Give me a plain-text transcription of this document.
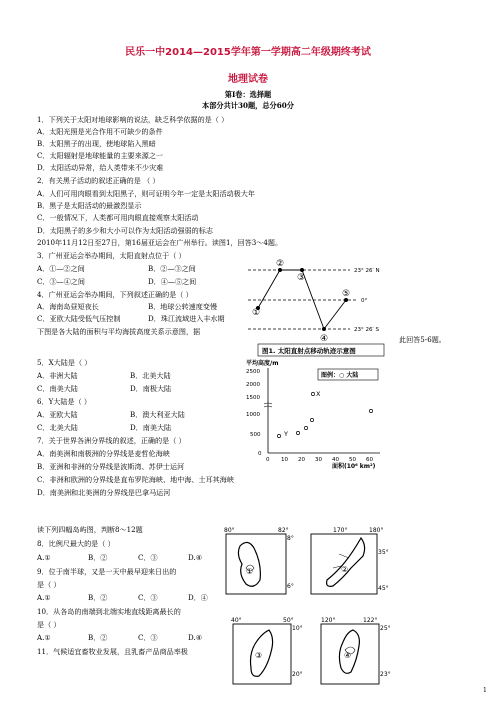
民乐一中2014—2015学年第一学期高二年级期终考试
地理试卷
第Ⅰ卷：选择题
本部分共计30题，总分60分
1．下列关于太阳对地球影响的说法，缺乏科学依据的是（ ）
A．太阳光照是光合作用不可缺少的条件
B．太阳黑子的出现，使地球陷入黑暗
C．太阳辐射是地球能量的主要来源之一
D．太阳活动异常，给人类带来不少灾难
2．有关黑子活动的叙述正确的是 （ ）
A．人们可用肉眼看到太阳黑子，则可证明今年一定是太阳活动极大年
B．黑子是太阳活动的最激烈显示
C．一般情况下，人类都可用肉眼直接观察太阳活动
D．太阳黑子的多少和大小可以作为太阳活动强弱的标志
2010年11月12日至27日，第16届亚运会在广州举行。读图1，回答3～4题。
3．广州亚运会举办期间，太阳直射点位于（ ）
A．①—②之间	B．②—③之间
C．③—④之间	D．④—⑤之间
4．广州亚运会举办期间，下列叙述正确的是（ ）
A．海南岛昼短夜长	B．地球公转速度变慢
C．亚欧大陆受低气压控制	D．珠江流域进入丰水期
下图是各大陆的面积与平均海拔高度关系示意图，据
此回答5-6题。
5．X大陆是（ ）
A．非洲大陆	B．北美大陆
C．南美大陆	D．南极大陆
6．Y大陆是（ ）
A．亚欧大陆	B．澳大利亚大陆
C．北美大陆	D．南美大陆
7．关于世界各洲分界线的叙述，正确的是（ ）
A．南美洲和南极洲的分界线是麦哲伦海峡
B．亚洲和非洲的分界线是波斯湾、苏伊士运河
C．非洲和欧洲的分界线是直布罗陀海峡、地中海、土耳其海峡
D．南美洲和北美洲的分界线是巴拿马运河
读下列四幅岛屿图，判断8～12题
8．比例尺最大的是（ ）
A.①	B．②	C．③	D.④
9．位于南半球，又是一天中最早迎来日出的
是（ ）
A.①	B．②	C．③	D．④
10．从各岛的南端到北端实地直线距离最长的
是（ ）
A.①	B．②	C．③	D.④
11．气候适宜畜牧业发展，且乳畜产品商品率极
①
②
③
④
⑤
23° 26′ N
0°
23° 26′ S
图1. 太阳直射点移动轨迹示意图
平均高度/m
2500
2000
1500
1000
500
0
0 10 20 30 40 50 60
面积(10⁶ km²)
图例：○ 大陆
X
Y
80°	82°
8°
6°
①
170°	180°
35°
45°
②
40°	50°
10°
20°
③
120°	122°
25°
23°
④
1
